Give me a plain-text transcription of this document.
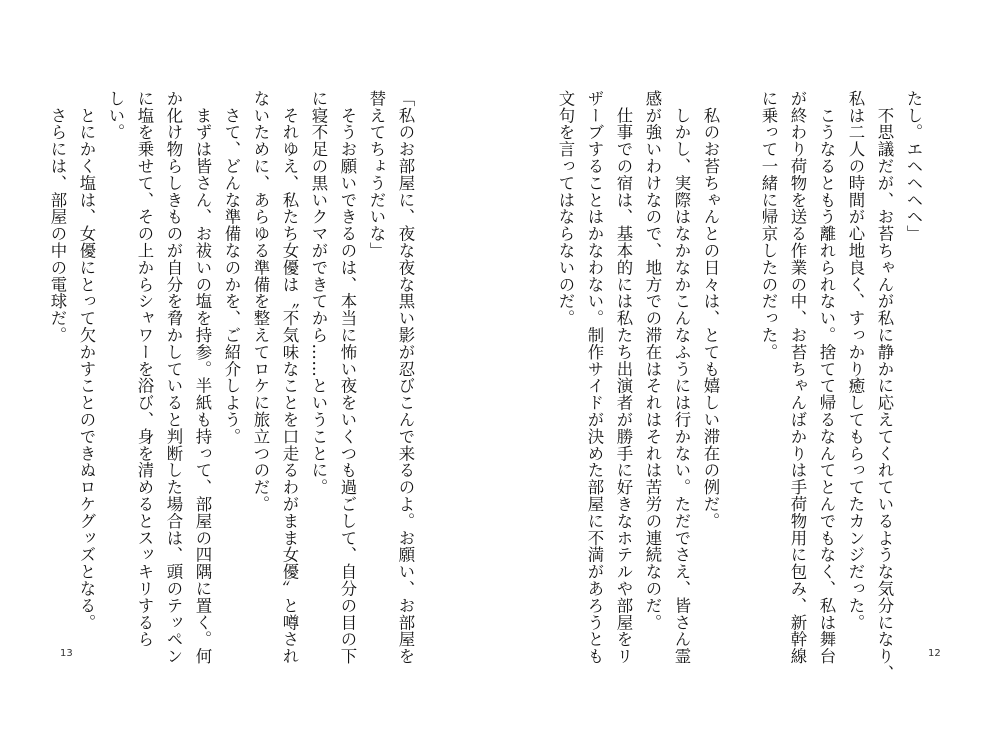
「私のお部屋に、夜な夜な黒い影が忍びこんで来るのよ。お願い、お部屋を
替えてちょうだいな」
　そうお願いできるのは、本当に怖い夜をいくつも過ごして、自分の目の下
に寝不足の黒いクマができてから……ということに。
　それゆえ、私たち女優は〝不気味なことを口走るわがまま女優〟と噂され
ないために、あらゆる準備を整えてロケに旅立つのだ。
　さて、どんな準備なのかを、ご紹介しよう。
　まずは皆さん、お祓いの塩を持参。半紙も持って、部屋の四隅に置く。何
か化け物らしきものが自分を脅かしていると判断した場合は、頭のテッペン
に塩を乗せて、その上からシャワーを浴び、身を清めるとスッキリするら
しい。
　とにかく塩は、女優にとって欠かすことのできぬロケグッズとなる。
　さらには、部屋の中の電球だ。
13
たし。エヘヘヘヘ」
　不思議だが、お苔ちゃんが私に静かに応えてくれているような気分になり、
私は二人の時間が心地良く、すっかり癒してもらってたカンジだった。
　こうなるともう離れられない。捨てて帰るなんてとんでもなく、私は舞台
が終わり荷物を送る作業の中、お苔ちゃんばかりは手荷物用に包み、新幹線
に乗って一緒に帰京したのだった。
　私のお苔ちゃんとの日々は、とても嬉しい滞在の例だ。
　しかし、実際はなかなかこんなふうには行かない。ただでさえ、皆さん霊
感が強いわけなので、地方での滞在はそれはそれは苦労の連続なのだ。
　仕事での宿は、基本的には私たち出演者が勝手に好きなホテルや部屋をリ
ザーブすることはかなわない。制作サイドが決めた部屋に不満があろうとも
文句を言ってはならないのだ。
12
